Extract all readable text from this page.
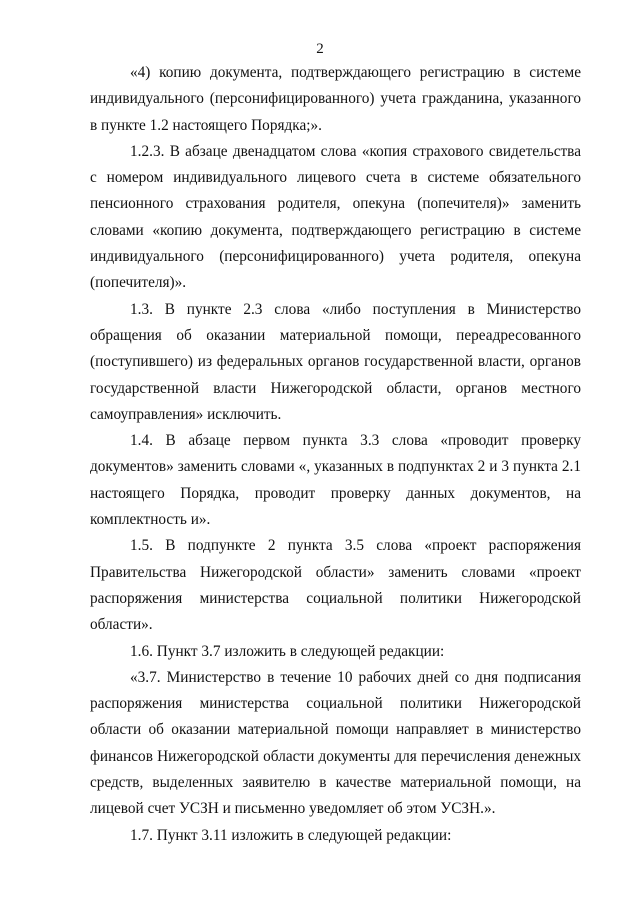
2

«4) копию документа, подтверждающего регистрацию в системе индивидуального (персонифицированного) учета гражданина, указанного в пункте 1.2 настоящего Порядка;».

1.2.3. В абзаце двенадцатом слова «копия страхового свидетельства с номером индивидуального лицевого счета в системе обязательного пенсионного страхования родителя, опекуна (попечителя)» заменить словами «копию документа, подтверждающего регистрацию в системе индивидуального (персонифицированного) учета родителя, опекуна (попечителя)».

1.3. В пункте 2.3 слова «либо поступления в Министерство обращения об оказании материальной помощи, переадресованного (поступившего) из федеральных органов государственной власти, органов государственной власти Нижегородской области, органов местного самоуправления» исключить.

1.4. В абзаце первом пункта 3.3 слова «проводит проверку документов» заменить словами «, указанных в подпунктах 2 и 3 пункта 2.1 настоящего Порядка, проводит проверку данных документов, на комплектность и».

1.5. В подпункте 2 пункта 3.5 слова «проект распоряжения Правительства Нижегородской области» заменить словами «проект распоряжения министерства социальной политики Нижегородской области».

1.6. Пункт 3.7 изложить в следующей редакции:

«3.7. Министерство в течение 10 рабочих дней со дня подписания распоряжения министерства социальной политики Нижегородской области об оказании материальной помощи направляет в министерство финансов Нижегородской области документы для перечисления денежных средств, выделенных заявителю в качестве материальной помощи, на лицевой счет УСЗН и письменно уведомляет об этом УСЗН.».

1.7. Пункт 3.11 изложить в следующей редакции:
